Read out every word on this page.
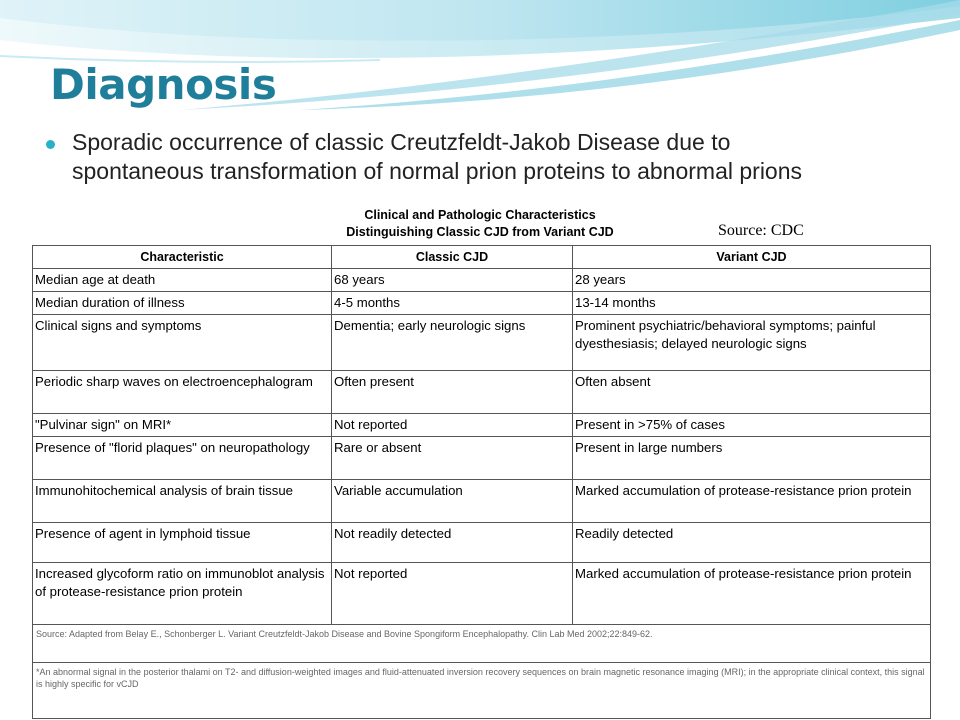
Diagnosis
Sporadic occurrence of classic Creutzfeldt-Jakob Disease due to spontaneous transformation of normal prion proteins to abnormal prions
Clinical and Pathologic Characteristics
Distinguishing Classic CJD from Variant CJD	Source: CDC
Characteristic	Classic CJD	Variant CJD
Median age at death	68 years	28 years
Median duration of illness	4-5 months	13-14 months
Clinical signs and symptoms	Dementia; early neurologic signs	Prominent psychiatric/behavioral symptoms; painful dyesthesiasis; delayed neurologic signs
Periodic sharp waves on electroencephalogram	Often present	Often absent
"Pulvinar sign" on MRI*	Not reported	Present in >75% of cases
Presence of "florid plaques" on neuropathology	Rare or absent	Present in large numbers
Immunohitochemical analysis of brain tissue	Variable accumulation	Marked accumulation of protease-resistance prion protein
Presence of agent in lymphoid tissue	Not readily detected	Readily detected
Increased glycoform ratio on immunoblot analysis of protease-resistance prion protein	Not reported	Marked accumulation of protease-resistance prion protein
Source: Adapted from Belay E., Schonberger L. Variant Creutzfeldt-Jakob Disease and Bovine Spongiform Encephalopathy. Clin Lab Med 2002;22:849-62.		
*An abnormal signal in the posterior thalami on T2- and diffusion-weighted images and fluid-attenuated inversion recovery sequences on brain magnetic resonance imaging (MRI); in the appropriate clinical context, this signal is highly specific for vCJD		
